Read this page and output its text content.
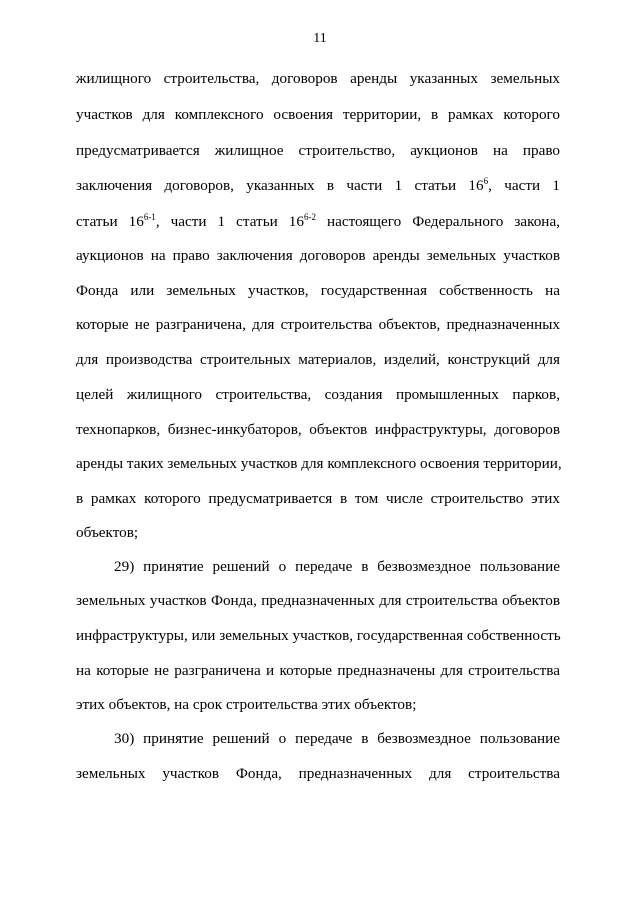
11
жилищного строительства, договоров аренды указанных земельных
участков для комплексного освоения территории, в рамках которого
предусматривается жилищное строительство, аукционов на право
Фонда или земельных участков, государственная собственность на
которые не разграничена, для строительства объектов, предназначенных
для производства строительных материалов, изделий, конструкций для
целей жилищного строительства, создания промышленных парков,
технопарков, бизнес-инкубаторов, объектов инфраструктуры, договоров
аренды таких земельных участков для комплексного освоения территории,
в рамках которого предусматривается в том числе строительство этих
объектов;
29) принятие решений о передаче в безвозмездное пользование
земельных участков Фонда, предназначенных для строительства объектов
инфраструктуры, или земельных участков, государственная собственность
на которые не разграничена и которые предназначены для строительства
этих объектов, на срок строительства этих объектов;
30) принятие решений о передаче в безвозмездное пользование
земельных участков Фонда, предназначенных для строительства
заключения договоров, указанных в части 1 статьи $16^6$, части 1
статьи 16$^{6-1}$, части 1 статьи 16$^{6-2}$ настоящего Федерального закона,
аукционов на право заключения договоров аренды земельных участков
